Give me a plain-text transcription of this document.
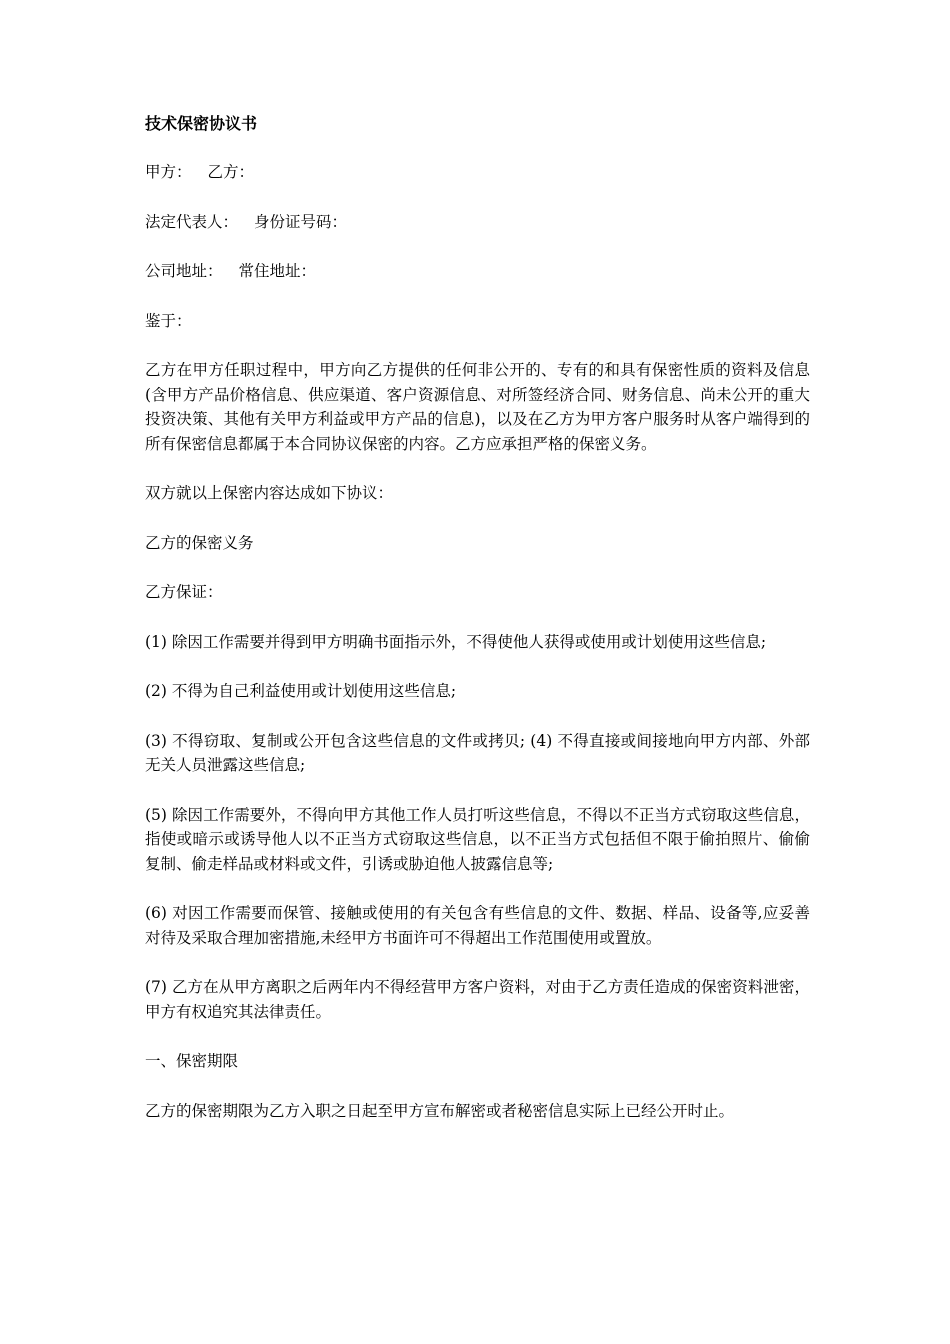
技术保密协议书

甲方： 乙方：

法定代表人： 身份证号码：

公司地址： 常住地址：

鉴于：

乙方在甲方任职过程中，甲方向乙方提供的任何非公开的、专有的和具有保密性质的资料及信息(含甲方产品价格信息、供应渠道、客户资源信息、对所签经济合同、财务信息、尚未公开的重大投资决策、其他有关甲方利益或甲方产品的信息)，以及在乙方为甲方客户服务时从客户端得到的所有保密信息都属于本合同协议保密的内容。乙方应承担严格的保密义务。

双方就以上保密内容达成如下协议：

乙方的保密义务

乙方保证：

(1) 除因工作需要并得到甲方明确书面指示外，不得使他人获得或使用或计划使用这些信息;

(2) 不得为自己利益使用或计划使用这些信息;

(3) 不得窃取、复制或公开包含这些信息的文件或拷贝; (4) 不得直接或间接地向甲方内部、外部无关人员泄露这些信息;

(5) 除因工作需要外，不得向甲方其他工作人员打听这些信息，不得以不正当方式窃取这些信息，指使或暗示或诱导他人以不正当方式窃取这些信息，以不正当方式包括但不限于偷拍照片、偷偷复制、偷走样品或材料或文件，引诱或胁迫他人披露信息等;

(6) 对因工作需要而保管、接触或使用的有关包含有些信息的文件、数据、样品、设备等,应妥善对待及采取合理加密措施,未经甲方书面许可不得超出工作范围使用或置放。

(7) 乙方在从甲方离职之后两年内不得经营甲方客户资料，对由于乙方责任造成的保密资料泄密，甲方有权追究其法律责任。

一、保密期限

乙方的保密期限为乙方入职之日起至甲方宣布解密或者秘密信息实际上已经公开时止。
